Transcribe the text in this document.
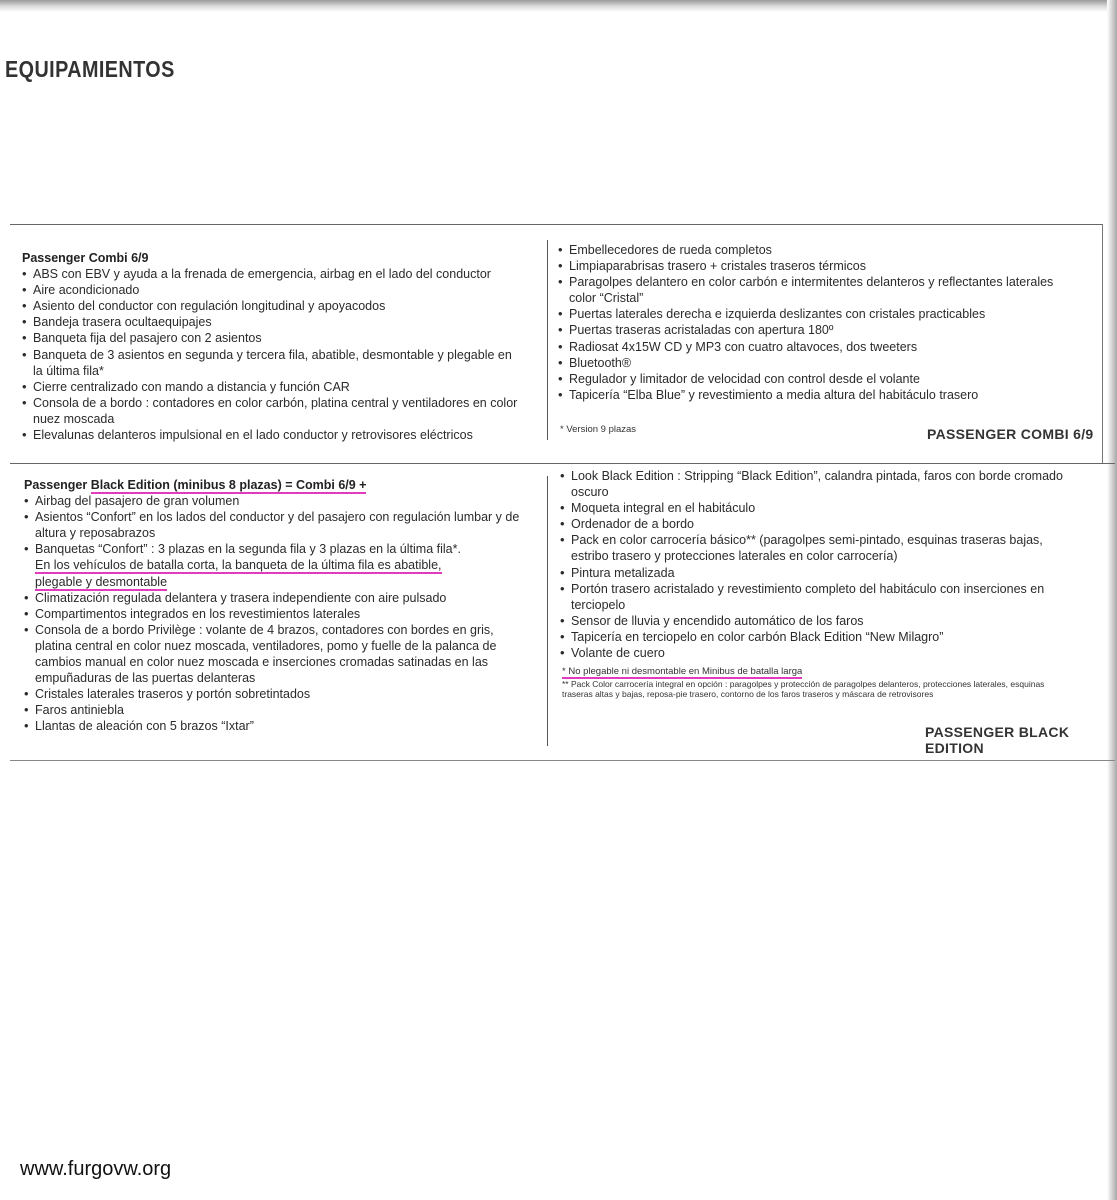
EQUIPAMIENTOS
Passenger Combi 6/9
• ABS con EBV y ayuda a la frenada de emergencia, airbag en el lado del conductor
• Aire acondicionado
• Asiento del conductor con regulación longitudinal y apoyacodos
• Bandeja trasera ocultaequipajes
• Banqueta fija del pasajero con 2 asientos
• Banqueta de 3 asientos en segunda y tercera fila, abatible, desmontable y plegable en la última fila*
• Cierre centralizado con mando a distancia y función CAR
• Consola de a bordo : contadores en color carbón, platina central y ventiladores en color nuez moscada
• Elevalunas delanteros impulsional en el lado conductor y retrovisores eléctricos
• Embellecedores de rueda completos
• Limpiaparabrisas trasero + cristales traseros térmicos
• Paragolpes delantero en color carbón e intermitentes delanteros y reflectantes laterales color “Cristal”
• Puertas laterales derecha e izquierda deslizantes con cristales practicables
• Puertas traseras acristaladas con apertura 180º
• Radiosat 4x15W CD y MP3 con cuatro altavoces, dos tweeters
• Bluetooth®
• Regulador y limitador de velocidad con control desde el volante
• Tapicería “Elba Blue” y revestimiento a media altura del habitáculo trasero
* Version 9 plazas	PASSENGER COMBI 6/9
Passenger Black Edition (minibus 8 plazas) = Combi 6/9 +
• Airbag del pasajero de gran volumen
• Asientos “Confort” en los lados del conductor y del pasajero con regulación lumbar y de altura y reposabrazos
• Banquetas “Confort” : 3 plazas en la segunda fila y 3 plazas en la última fila*.
En los vehículos de batalla corta, la banqueta de la última fila es abatible,
plegable y desmontable
• Climatización regulada delantera y trasera independiente con aire pulsado
• Compartimentos integrados en los revestimientos laterales
• Consola de a bordo Privilège : volante de 4 brazos, contadores con bordes en gris, platina central en color nuez moscada, ventiladores, pomo y fuelle de la palanca de cambios manual en color nuez moscada e inserciones cromadas satinadas en las empuñaduras de las puertas delanteras
• Cristales laterales traseros y portón sobretintados
• Faros antiniebla
• Llantas de aleación con 5 brazos “Ixtar”
• Look Black Edition : Stripping “Black Edition”, calandra pintada, faros con borde cromado oscuro
• Moqueta integral en el habitáculo
• Ordenador de a bordo
• Pack en color carrocería básico** (paragolpes semi-pintado, esquinas traseras bajas, estribo trasero y protecciones laterales en color carrocería)
• Pintura metalizada
• Portón trasero acristalado y revestimiento completo del habitáculo con inserciones en terciopelo
• Sensor de lluvia y encendido automático de los faros
• Tapicería en terciopelo en color carbón Black Edition “New Milagro”
• Volante de cuero
* No plegable ni desmontable en Minibus de batalla larga
** Pack Color carrocería integral en opción : paragolpes y protección de paragolpes delanteros, protecciones laterales, esquinas traseras altas y bajas, reposa-pie trasero, contorno de los faros traseros y máscara de retrovisores
PASSENGER BLACK EDITION
www.furgovw.org
